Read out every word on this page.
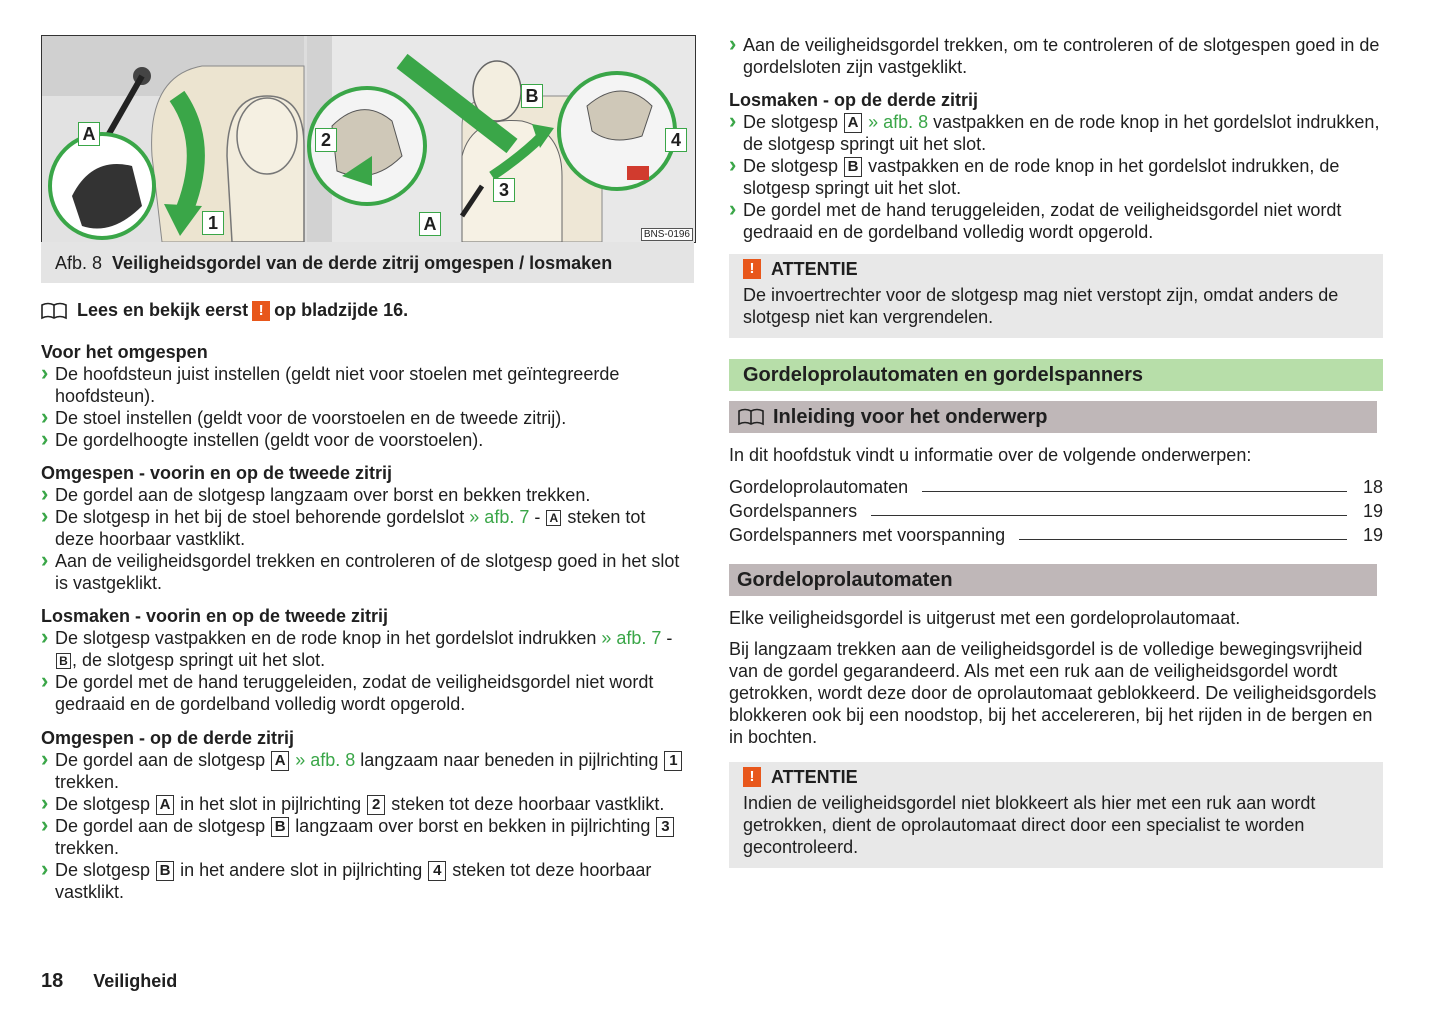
A
1
2
A
B
3
4
BNS-0196
Afb. 8 Veiligheidsgordel van de derde zitrij omgespen / losmaken
Lees en bekijk eerst ! op bladzijde 16.
Voor het omgespen
› De hoofdsteun juist instellen (geldt niet voor stoelen met geïntegreerde hoofdsteun).
› De stoel instellen (geldt voor de voorstoelen en de tweede zitrij).
› De gordelhoogte instellen (geldt voor de voorstoelen).
Omgespen - voorin en op de tweede zitrij
› De gordel aan de slotgesp langzaam over borst en bekken trekken.
› De slotgesp in het bij de stoel behorende gordelslot » afb. 7 - A steken tot deze hoorbaar vastklikt.
› Aan de veiligheidsgordel trekken en controleren of de slotgesp goed in het slot is vastgeklikt.
Losmaken - voorin en op de tweede zitrij
› De slotgesp vastpakken en de rode knop in het gordelslot indrukken » afb. 7 - B , de slotgesp springt uit het slot.
› De gordel met de hand teruggeleiden, zodat de veiligheidsgordel niet wordt gedraaid en de gordelband volledig wordt opgerold.
Omgespen - op de derde zitrij
› De gordel aan de slotgesp A » afb. 8 langzaam naar beneden in pijlrichting 1 trekken.
› De slotgesp A in het slot in pijlrichting 2 steken tot deze hoorbaar vastklikt.
› De gordel aan de slotgesp B langzaam over borst en bekken in pijlrichting 3 trekken.
› De slotgesp B in het andere slot in pijlrichting 4 steken tot deze hoorbaar vastklikt.
› Aan de veiligheidsgordel trekken, om te controleren of de slotgespen goed in de gordelsloten zijn vastgeklikt.
Losmaken - op de derde zitrij
› De slotgesp A » afb. 8 vastpakken en de rode knop in het gordelslot indrukken, de slotgesp springt uit het slot.
› De slotgesp B vastpakken en de rode knop in het gordelslot indrukken, de slotgesp springt uit het slot.
› De gordel met de hand teruggeleiden, zodat de veiligheidsgordel niet wordt gedraaid en de gordelband volledig wordt opgerold.
! ATTENTIE
De invoertrechter voor de slotgesp mag niet verstopt zijn, omdat anders de slotgesp niet kan vergrendelen.
Gordeloprolautomaten en gordelspanners
Inleiding voor het onderwerp
In dit hoofdstuk vindt u informatie over de volgende onderwerpen:
Gordeloprolautomaten	18
Gordelspanners	19
Gordelspanners met voorspanning	19
Gordeloprolautomaten
Elke veiligheidsgordel is uitgerust met een gordeloprolautomaat.
Bij langzaam trekken aan de veiligheidsgordel is de volledige bewegingsvrijheid van de gordel gegarandeerd. Als met een ruk aan de veiligheidsgordel wordt getrokken, wordt deze door de oprolautomaat geblokkeerd. De veiligheidsgordels blokkeren ook bij een noodstop, bij het accelereren, bij het rijden in de bergen en in bochten.
! ATTENTIE
Indien de veiligheidsgordel niet blokkeert als hier met een ruk aan wordt getrokken, dient de oprolautomaat direct door een specialist te worden gecontroleerd.
18 Veiligheid
